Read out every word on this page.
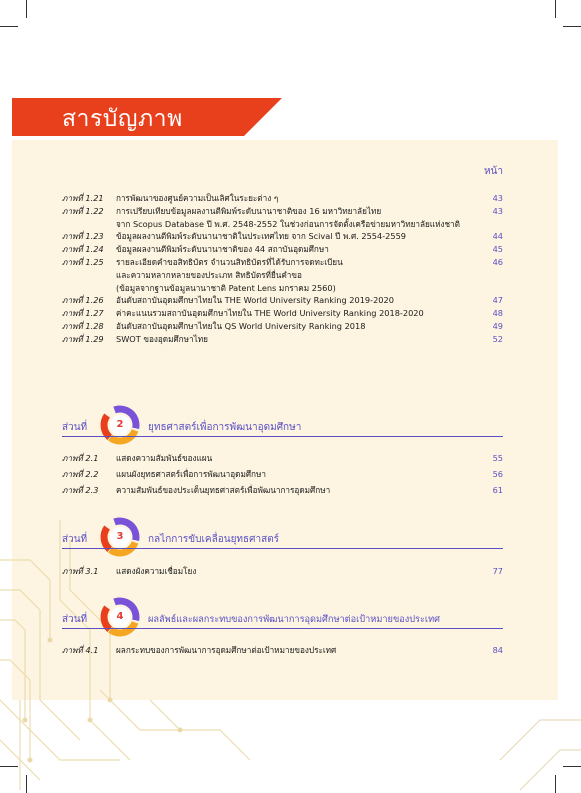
สารบัญภาพ
หน้า
ภาพที่ 1.21	การพัฒนาของศูนย์ความเป็นเลิศในระยะต่าง ๆ	43
ภาพที่ 1.22	การเปรียบเทียบข้อมูลผลงานตีพิมพ์ระดับนานาชาติของ 16 มหาวิทยาลัยไทย	43
จาก Scopus Database ปี พ.ศ. 2548-2552 ในช่วงก่อนการจัดตั้งเครือข่ายมหาวิทยาลัยแห่งชาติ
ภาพที่ 1.23	ข้อมูลผลงานตีพิมพ์ระดับนานาชาติในประเทศไทย จาก Scival ปี พ.ศ. 2554-2559	44
ภาพที่ 1.24	ข้อมูลผลงานตีพิมพ์ระดับนานาชาติของ 44 สถาบันอุดมศึกษา	45
ภาพที่ 1.25	รายละเอียดคำขอสิทธิบัตร จำนวนสิทธิบัตรที่ได้รับการจดทะเบียน	46
และความหลากหลายของประเภท สิทธิบัตรที่ยื่นคำขอ
(ข้อมูลจากฐานข้อมูลนานาชาติ Patent Lens มกราคม 2560)
ภาพที่ 1.26	อันดับสถาบันอุดมศึกษาไทยใน THE World University Ranking 2019-2020	47
ภาพที่ 1.27	ค่าคะแนนรวมสถาบันอุดมศึกษาไทยใน THE World University Ranking 2018-2020	48
ภาพที่ 1.28	อันดับสถาบันอุดมศึกษาไทยใน QS World University Ranking 2018	49
ภาพที่ 1.29	SWOT ของอุดมศึกษาไทย	52
ส่วนที่	2	ยุทธศาสตร์เพื่อการพัฒนาอุดมศึกษา
ภาพที่ 2.1	แสดงความสัมพันธ์ของแผน	55
ภาพที่ 2.2	แผนผังยุทธศาสตร์เพื่อการพัฒนาอุดมศึกษา	56
ภาพที่ 2.3	ความสัมพันธ์ของประเด็นยุทธศาสตร์เพื่อพัฒนาการอุดมศึกษา	61
ส่วนที่	3	กลไกการขับเคลื่อนยุทธศาสตร์
ภาพที่ 3.1	แสดงผังความเชื่อมโยง	77
ส่วนที่	4	ผลลัพธ์และผลกระทบของการพัฒนาการอุดมศึกษาต่อเป้าหมายของประเทศ
ภาพที่ 4.1	ผลกระทบของการพัฒนาการอุดมศึกษาต่อเป้าหมายของประเทศ	84
